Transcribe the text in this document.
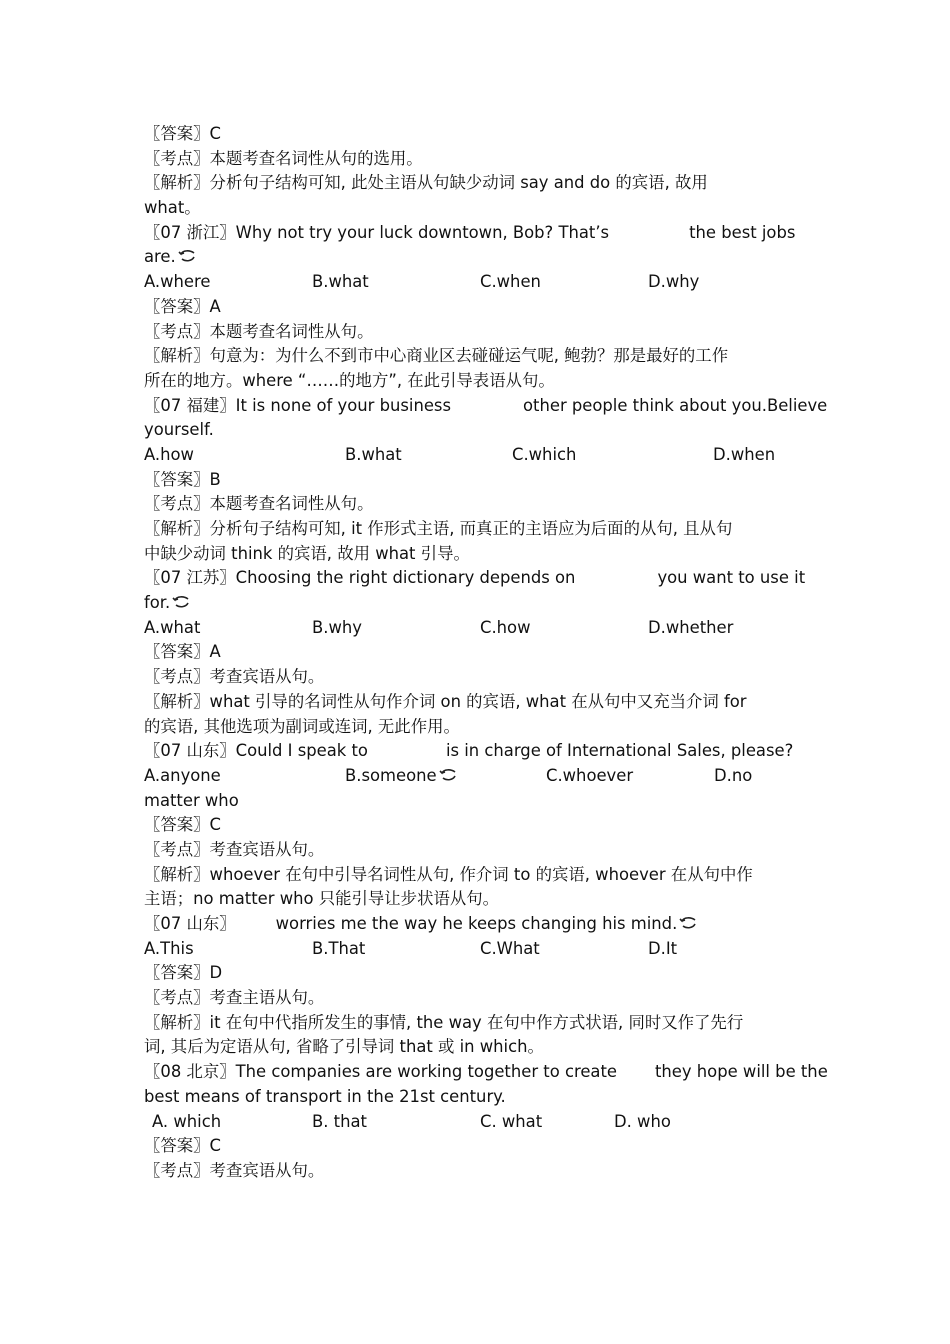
〖答案〗C
〖考点〗本题考查名词性从句的选用。
〖解析〗分析句子结构可知, 此处主语从句缺少动词 say and do 的宾语, 故用
what。
〖07 浙江〗Why not try your luck downtown, Bob? That’s	the best jobs
are.
A.where	B.what	C.when	D.why
〖答案〗A
〖考点〗本题考查名词性从句。
〖解析〗句意为：为什么不到市中心商业区去碰碰运气呢, 鲍勃？那是最好的工作
所在的地方。where “……的地方”, 在此引导表语从句。
〖07 福建〗It is none of your business	other people think about you.Believe
yourself.
A.how	B.what	C.which	D.when
〖答案〗B
〖考点〗本题考查名词性从句。
〖解析〗分析句子结构可知, it 作形式主语, 而真正的主语应为后面的从句, 且从句
中缺少动词 think 的宾语, 故用 what 引导。
〖07 江苏〗Choosing the right dictionary depends on	you want to use it
for.
A.what	B.why	C.how	D.whether
〖答案〗A
〖考点〗考查宾语从句。
〖解析〗what 引导的名词性从句作介词 on 的宾语, what 在从句中又充当介词 for
的宾语, 其他选项为副词或连词, 无此作用。
〖07 山东〗Could I speak to	is in charge of International Sales, please?
A.anyone	B.someone	C.whoever	D.no
matter who
〖答案〗C
〖考点〗考查宾语从句。
〖解析〗whoever 在句中引导名词性从句, 作介词 to 的宾语, whoever 在从句中作
主语；no matter who 只能引导让步状语从句。
〖07 山东〗 worries me the way he keeps changing his mind.
A.This	B.That	C.What	D.It
〖答案〗D
〖考点〗考查主语从句。
〖解析〗it 在句中代指所发生的事情, the way 在句中作方式状语, 同时又作了先行
词, 其后为定语从句, 省略了引导词 that 或 in which。
〖08 北京〗The companies are working together to create they hope will be the
best means of transport in the 21st century.
A. which	B. that	C. what	D. who
〖答案〗C
〖考点〗考查宾语从句。
